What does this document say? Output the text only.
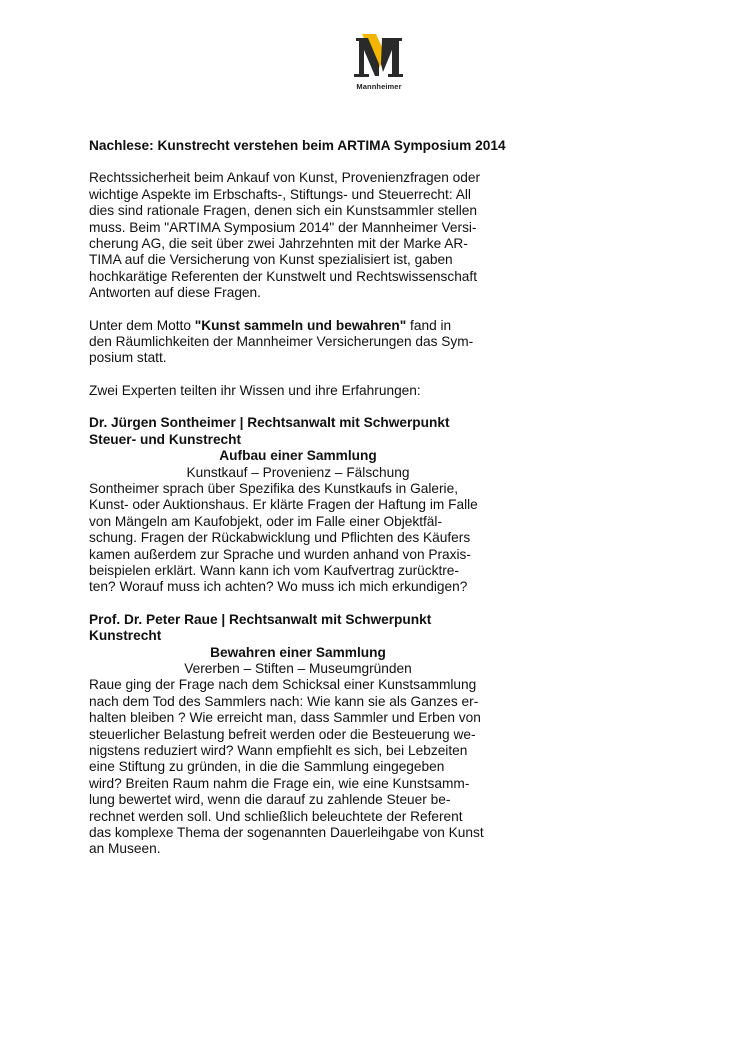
Mannheimer
Nachlese: Kunstrecht verstehen beim ARTIMA Symposium 2014
Rechtssicherheit beim Ankauf von Kunst, Provenienzfragen oder
wichtige Aspekte im Erbschafts-, Stiftungs- und Steuerrecht: All
dies sind rationale Fragen, denen sich ein Kunstsammler stellen
muss. Beim "ARTIMA Symposium 2014" der Mannheimer Versi-
cherung AG, die seit über zwei Jahrzehnten mit der Marke AR-
TIMA auf die Versicherung von Kunst spezialisiert ist, gaben
hochkarätige Referenten der Kunstwelt und Rechtswissenschaft
Antworten auf diese Fragen.
Unter dem Motto "Kunst sammeln und bewahren" fand in
den Räumlichkeiten der Mannheimer Versicherungen das Sym-
posium statt.

Zwei Experten teilten ihr Wissen und ihre Erfahrungen:

Dr. Jürgen Sontheimer | Rechtsanwalt mit Schwerpunkt
Steuer- und Kunstrecht
Aufbau einer Sammlung
Kunstkauf – Provenienz – Fälschung
Sontheimer sprach über Spezifika des Kunstkaufs in Galerie,
Kunst- oder Auktionshaus. Er klärte Fragen der Haftung im Falle
von Mängeln am Kaufobjekt, oder im Falle einer Objektfäl-
schung. Fragen der Rückabwicklung und Pflichten des Käufers
kamen außerdem zur Sprache und wurden anhand von Praxis-
beispielen erklärt. Wann kann ich vom Kaufvertrag zurücktre-
ten? Worauf muss ich achten? Wo muss ich mich erkundigen?
Prof. Dr. Peter Raue | Rechtsanwalt mit Schwerpunkt
Kunstrecht
Bewahren einer Sammlung
Vererben – Stiften – Museumgründen
Raue ging der Frage nach dem Schicksal einer Kunstsammlung
nach dem Tod des Sammlers nach: Wie kann sie als Ganzes er-
halten bleiben ? Wie erreicht man, dass Sammler und Erben von
steuerlicher Belastung befreit werden oder die Besteuerung we-
nigstens reduziert wird? Wann empfiehlt es sich, bei Lebzeiten
eine Stiftung zu gründen, in die die Sammlung eingegeben
wird? Breiten Raum nahm die Frage ein, wie eine Kunstsamm-
lung bewertet wird, wenn die darauf zu zahlende Steuer be-
rechnet werden soll. Und schließlich beleuchtete der Referent
das komplexe Thema der sogenannten Dauerleihgabe von Kunst
an Museen.
